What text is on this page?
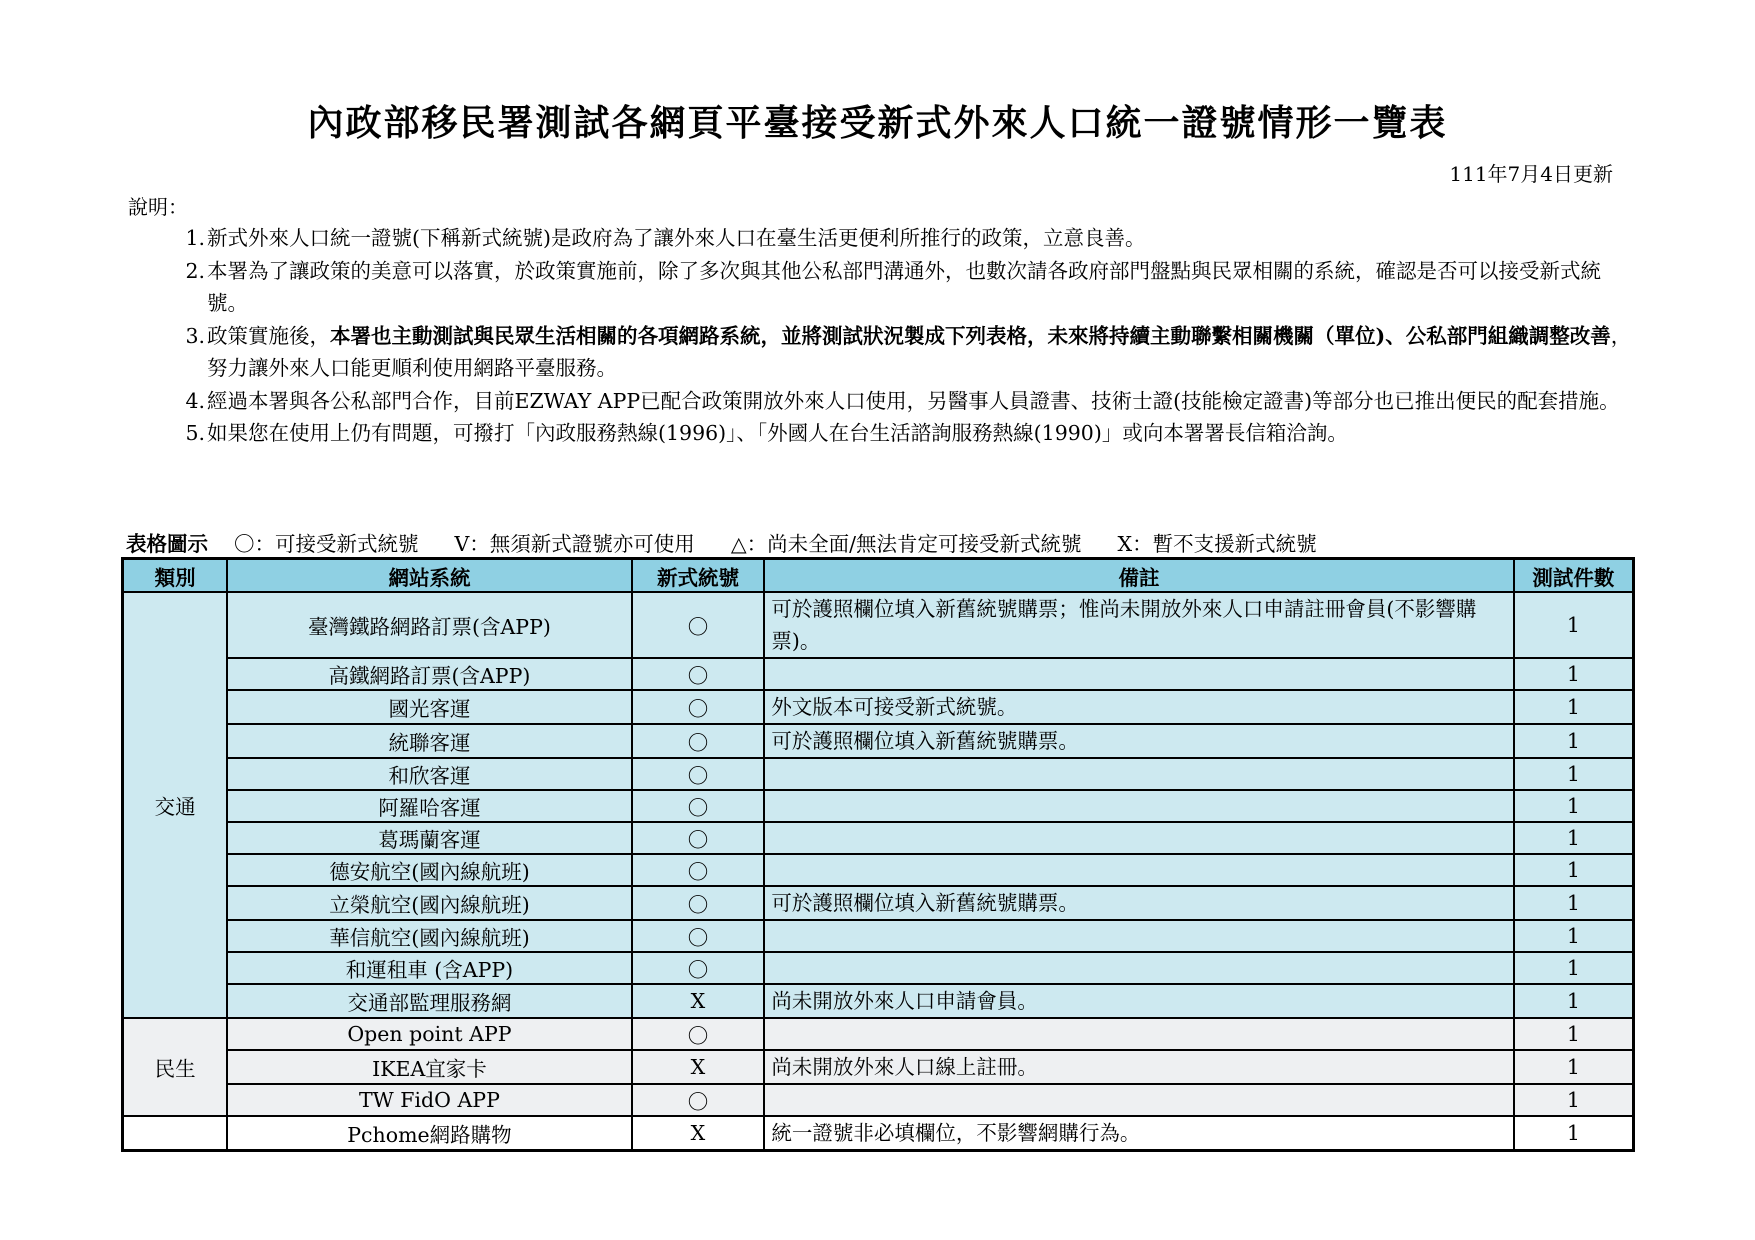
內政部移民署測試各網頁平臺接受新式外來人口統一證號情形一覽表
111年7月4日更新
說明：
1. 新式外來人口統一證號(下稱新式統號)是政府為了讓外來人口在臺生活更便利所推行的政策，立意良善。
2. 本署為了讓政策的美意可以落實，於政策實施前，除了多次與其他公私部門溝通外，也數次請各政府部門盤點與民眾相關的系統，確認是否可以接受新式統號。
3. 政策實施後，本署也主動測試與民眾生活相關的各項網路系統，並將測試狀況製成下列表格，未來將持續主動聯繫相關機關（單位)、公私部門組織調整改善，努力讓外來人口能更順利使用網路平臺服務。
4. 經過本署與各公私部門合作，目前EZWAY APP已配合政策開放外來人口使用，另醫事人員證書、技術士證(技能檢定證書)等部分也已推出便民的配套措施。
5. 如果您在使用上仍有問題，可撥打「內政服務熱線(1996)」、「外國人在台生活諮詢服務熱線(1990)」或向本署署長信箱洽詢。
表格圖示 〇：可接受新式統號 V：無須新式證號亦可使用 △：尚未全面/無法肯定可接受新式統號 X：暫不支援新式統號
類別	網站系統	新式統號	備註	測試件數
交通	臺灣鐵路網路訂票(含APP)	〇	可於護照欄位填入新舊統號購票；惟尚未開放外來人口申請註冊會員(不影響購票)。	1
	高鐵網路訂票(含APP)	〇		1
	國光客運	〇	外文版本可接受新式統號。	1
	統聯客運	〇	可於護照欄位填入新舊統號購票。	1
	和欣客運	〇		1
	阿羅哈客運	〇		1
	葛瑪蘭客運	〇		1
	德安航空(國內線航班)	〇		1
	立榮航空(國內線航班)	〇	可於護照欄位填入新舊統號購票。	1
	華信航空(國內線航班)	〇		1
	和運租車 (含APP)	〇		1
	交通部監理服務網	X	尚未開放外來人口申請會員。	1
民生	Open point APP	〇		1
	IKEA宜家卡	X	尚未開放外來人口線上註冊。	1
	TW FidO APP	〇		1
	Pchome網路購物	X	統一證號非必填欄位，不影響網購行為。	1
